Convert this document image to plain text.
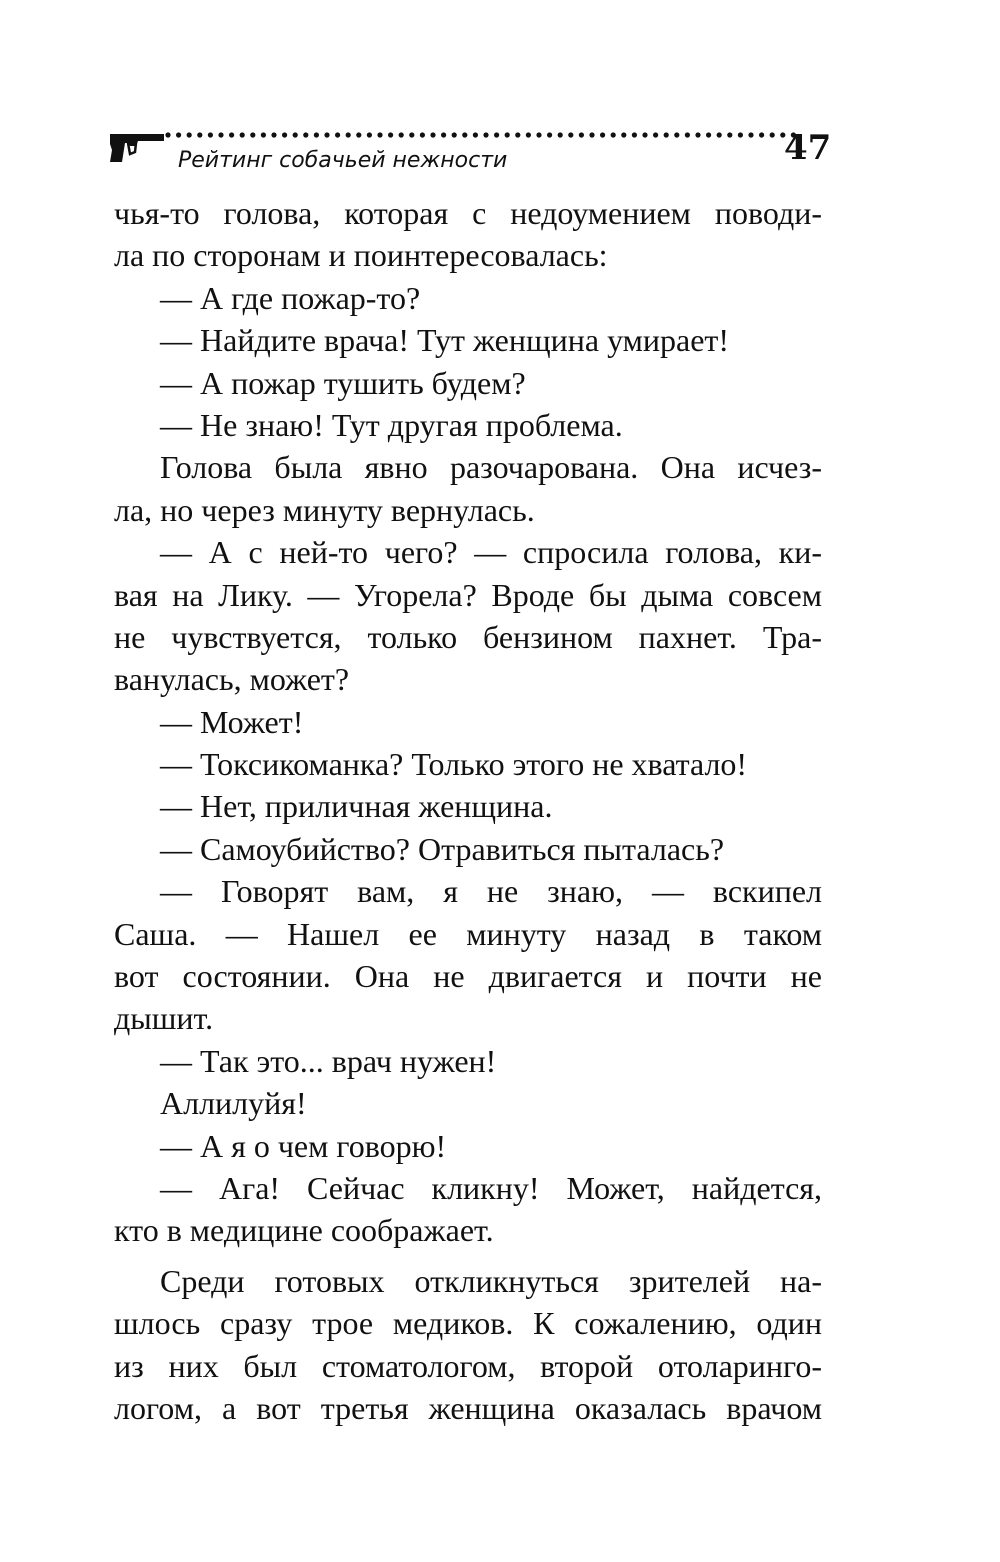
Рейтинг собачьей нежности	47
чья-то голова, которая с недоумением поводи-
ла по сторонам и поинтересовалась:
— А где пожар-то?
— Найдите врача! Тут женщина умирает!
— А пожар тушить будем?
— Не знаю! Тут другая проблема.
Голова была явно разочарована. Она исчез-
ла, но через минуту вернулась.
— А с ней-то чего? — спросила голова, ки-
вая на Лику. — Угорела? Вроде бы дыма совсем
не чувствуется, только бензином пахнет. Тра-
ванулась, может?
— Может!
— Токсикоманка? Только этого не хватало!
— Нет, приличная женщина.
— Самоубийство? Отравиться пыталась?
— Говорят вам, я не знаю, — вскипел
Саша. — Нашел ее минуту назад в таком
вот состоянии. Она не двигается и почти не
дышит.
— Так это... врач нужен!
Аллилуйя!
— А я о чем говорю!
— Ага! Сейчас кликну! Может, найдется,
кто в медицине соображает.
Среди готовых откликнуться зрителей на-
шлось сразу трое медиков. К сожалению, один
из них был стоматологом, второй отоларинго-
логом, а вот третья женщина оказалась врачом
